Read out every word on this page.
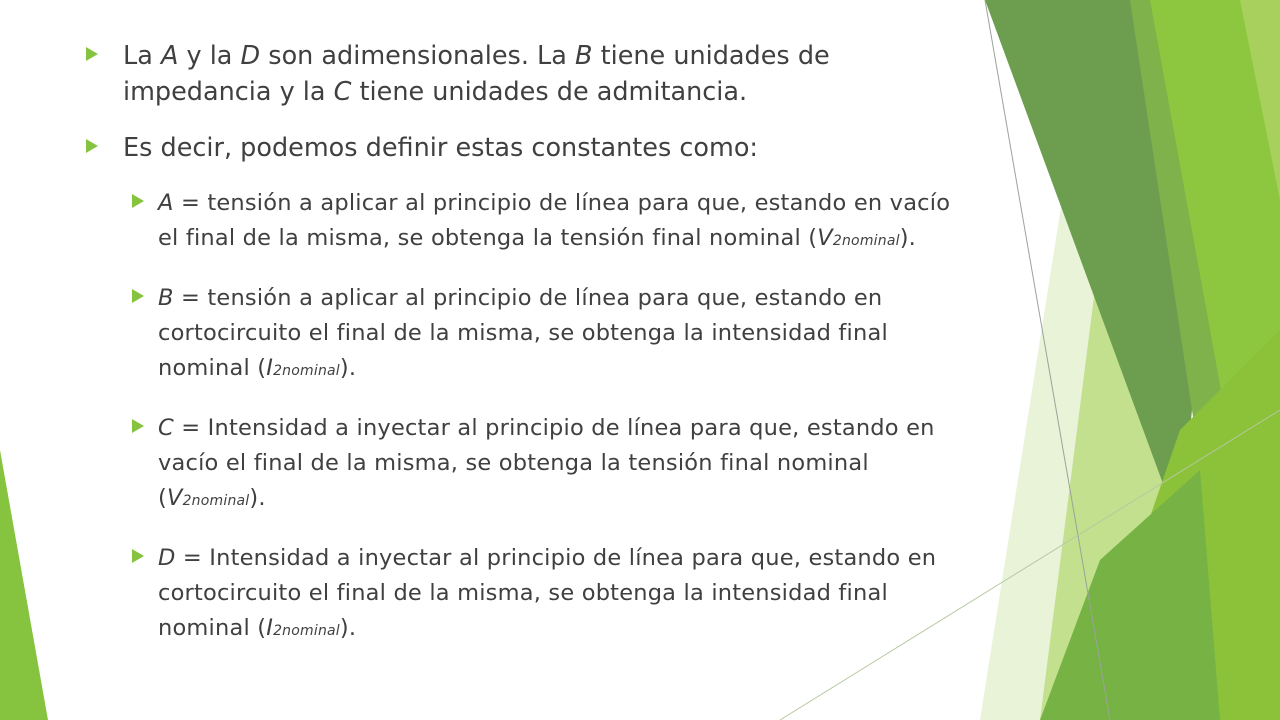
La A y la D son adimensionales. La B tiene unidades de impedancia y la C tiene unidades de admitancia.
Es decir, podemos definir estas constantes como:
A = tensión a aplicar al principio de línea para que, estando en vacío el final de la misma, se obtenga la tensión final nominal (V2nominal).
B = tensión a aplicar al principio de línea para que, estando en cortocircuito el final de la misma, se obtenga la intensidad final nominal (I2nominal).
C = Intensidad a inyectar al principio de línea para que, estando en vacío el final de la misma, se obtenga la tensión final nominal (V2nominal).
D = Intensidad a inyectar al principio de línea para que, estando en cortocircuito el final de la misma, se obtenga la intensidad final nominal (I2nominal).
